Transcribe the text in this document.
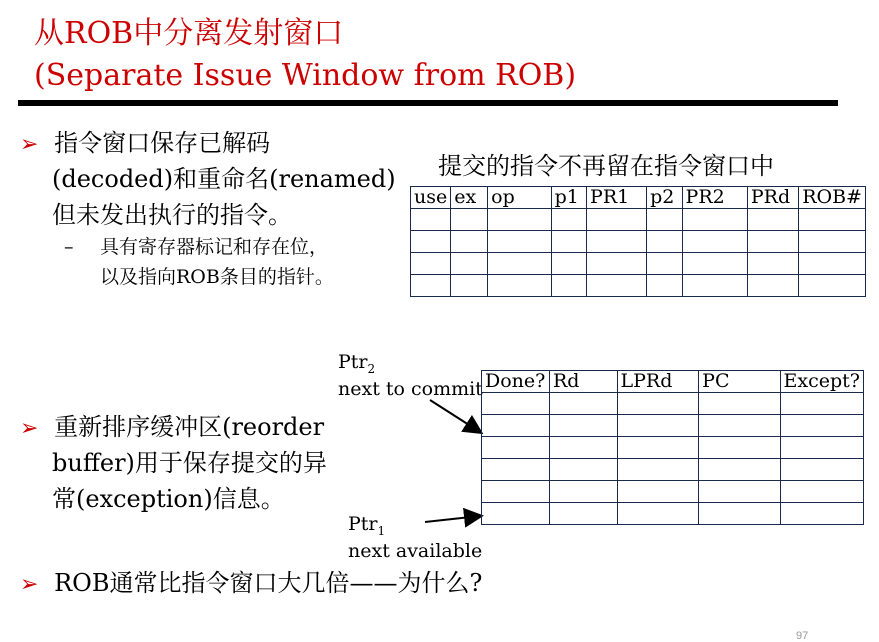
从ROB中分离发射窗口
(Separate Issue Window from ROB)
➢ 指令窗口保存已解码
(decoded)和重命名(renamed)
但未发出执行的指令。
– 具有寄存器标记和存在位，
以及指向ROB条目的指针。
提交的指令不再留在指令窗口中
use	ex	op	p1	PR1	p2	PR2	PRd	ROB#

Ptr$_2$
next to commit
Ptr$_1$
next available
Done?	Rd	LPRd	PC	Except?

➢ 重新排序缓冲区(reorder
buffer)用于保存提交的异
常(exception)信息。
➢ ROB通常比指令窗口大几倍——为什么?
97
